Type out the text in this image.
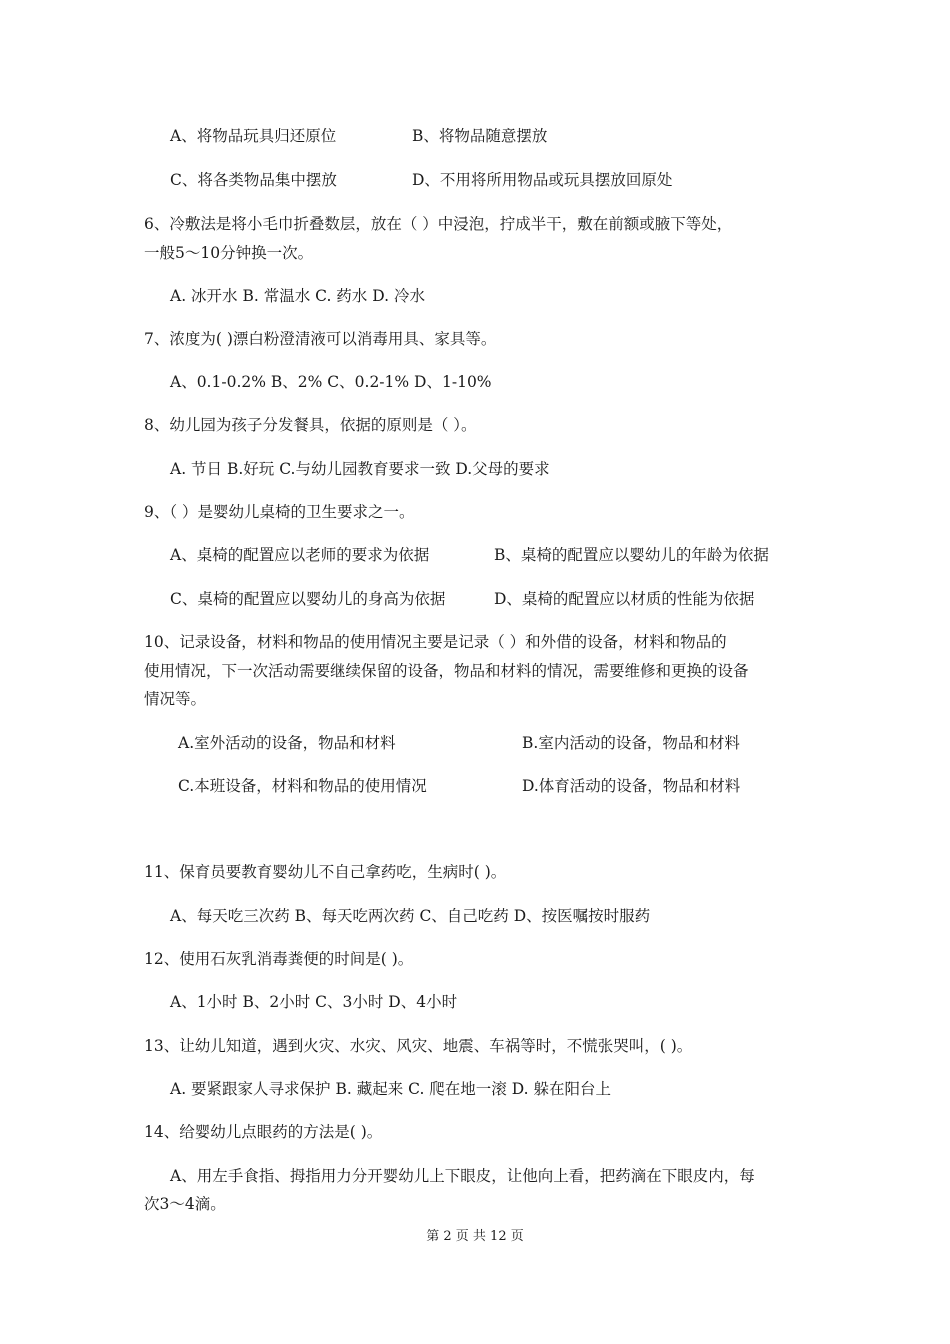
A、将物品玩具归还原位	B、将物品随意摆放
C、将各类物品集中摆放	D、不用将所用物品或玩具摆放回原处
6、冷敷法是将小毛巾折叠数层，放在（ ）中浸泡，拧成半干，敷在前额或腋下等处，
一般5～10分钟换一次。
A. 冰开水 B. 常温水 C. 药水 D. 冷水
7、浓度为( )漂白粉澄清液可以消毒用具、家具等。
A、0.1-0.2% B、2% C、0.2-1% D、1-10%
8、幼儿园为孩子分发餐具，依据的原则是（ ）。
A. 节日 B.好玩 C.与幼儿园教育要求一致 D.父母的要求
9、（ ）是婴幼儿桌椅的卫生要求之一。
A、桌椅的配置应以老师的要求为依据	B、桌椅的配置应以婴幼儿的年龄为依据
C、桌椅的配置应以婴幼儿的身高为依据	D、桌椅的配置应以材质的性能为依据
10、记录设备，材料和物品的使用情况主要是记录（ ）和外借的设备，材料和物品的
使用情况，下一次活动需要继续保留的设备，物品和材料的情况，需要维修和更换的设备
情况等。
A.室外活动的设备，物品和材料	B.室内活动的设备，物品和材料
C.本班设备，材料和物品的使用情况	D.体育活动的设备，物品和材料
11、保育员要教育婴幼儿不自己拿药吃，生病时( )。
A、每天吃三次药 B、每天吃两次药 C、自己吃药 D、按医嘱按时服药
12、使用石灰乳消毒粪便的时间是( )。
A、1小时 B、2小时 C、3小时 D、4小时
13、让幼儿知道，遇到火灾、水灾、风灾、地震、车祸等时，不慌张哭叫，( )。
A. 要紧跟家人寻求保护 B. 藏起来 C. 爬在地一滚 D. 躲在阳台上
14、给婴幼儿点眼药的方法是( )。
A、用左手食指、拇指用力分开婴幼儿上下眼皮，让他向上看，把药滴在下眼皮内，每
次3～4滴。
第 2 页 共 12 页
